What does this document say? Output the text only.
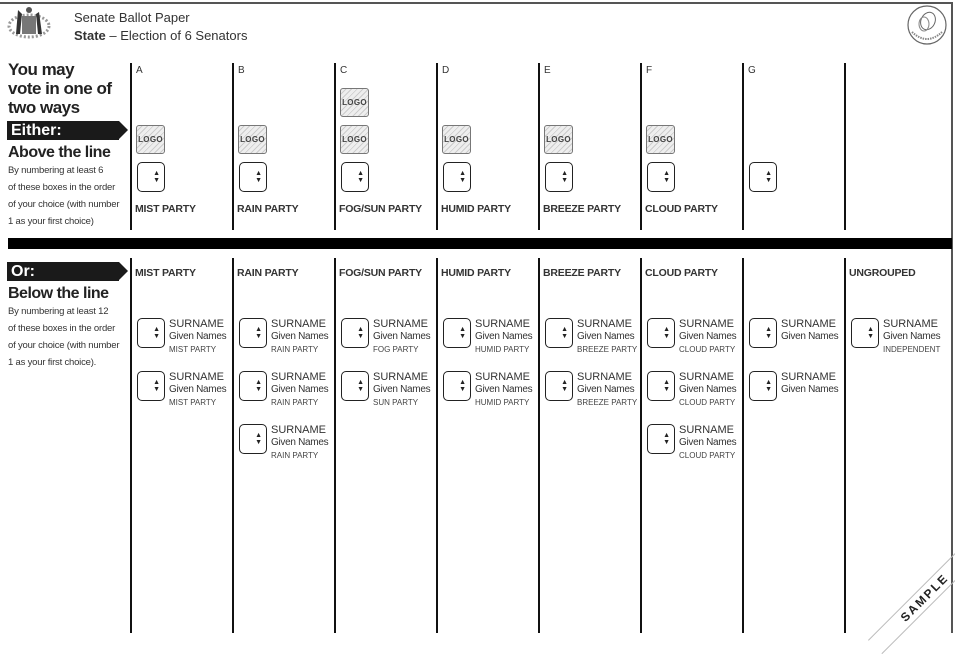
Senate Ballot Paper
State – Election of 6 Senators
You may
vote in one of
two ways
Either:
Above the line
By numbering at least 6
of these boxes in the order
of your choice (with number
1 as your first choice)
Or:
Below the line
By numbering at least 12
of these boxes in the order
of your choice (with number
1 as your first choice).
A
LOGO
▲
▼
MIST PARTY
B
LOGO
▲
▼
RAIN PARTY
C
LOGO
LOGO
▲
▼
FOG/SUN PARTY
D
LOGO
▲
▼
HUMID PARTY
E
LOGO
▲
▼
BREEZE PARTY
F
LOGO
▲
▼
CLOUD PARTY
G
▲
▼
MIST PARTY
▲
▼
SURNAME
Given Names
MIST PARTY
▲
▼
SURNAME
Given Names
MIST PARTY
RAIN PARTY
▲
▼
SURNAME
Given Names
RAIN PARTY
▲
▼
SURNAME
Given Names
RAIN PARTY
▲
▼
SURNAME
Given Names
RAIN PARTY
FOG/SUN PARTY
▲
▼
SURNAME
Given Names
FOG PARTY
▲
▼
SURNAME
Given Names
SUN PARTY
HUMID PARTY
▲
▼
SURNAME
Given Names
HUMID PARTY
▲
▼
SURNAME
Given Names
HUMID PARTY
BREEZE PARTY
▲
▼
SURNAME
Given Names
BREEZE PARTY
▲
▼
SURNAME
Given Names
BREEZE PARTY
CLOUD PARTY
▲
▼
SURNAME
Given Names
CLOUD PARTY
▲
▼
SURNAME
Given Names
CLOUD PARTY
▲
▼
SURNAME
Given Names
CLOUD PARTY
▲
▼
SURNAME
Given Names
▲
▼
SURNAME
Given Names
UNGROUPED
▲
▼
SURNAME
Given Names
INDEPENDENT
SAMPLE
